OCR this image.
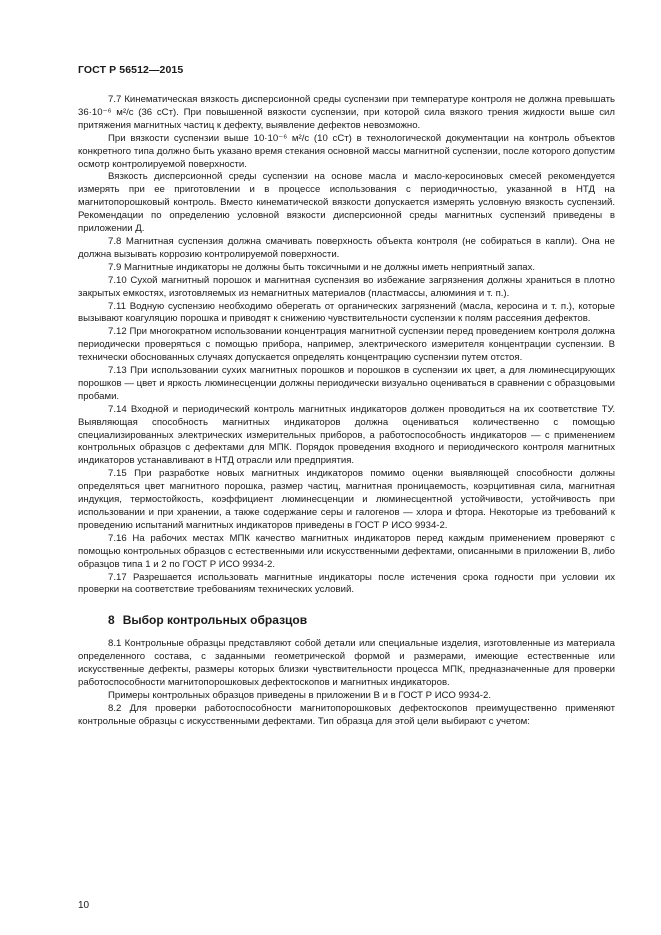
ГОСТ Р 56512—2015

7.7 Кинематическая вязкость дисперсионной среды суспензии при температуре контроля не должна превышать 36·10⁻⁶ м²/с (36 сСт). При повышенной вязкости суспензии, при которой сила вязкого трения жидкости выше сил притяжения магнитных частиц к дефекту, выявление дефектов невозможно.

При вязкости суспензии выше 10·10⁻⁶ м²/с (10 сСт) в технологической документации на контроль объектов конкретного типа должно быть указано время стекания основной массы магнитной суспензии, после которого допустим осмотр контролируемой поверхности.

Вязкость дисперсионной среды суспензии на основе масла и масло-керосиновых смесей рекомендуется измерять при ее приготовлении и в процессе использования с периодичностью, указанной в НТД на магнитопорошковый контроль. Вместо кинематической вязкости допускается измерять условную вязкость суспензий. Рекомендации по определению условной вязкости дисперсионной среды магнитных суспензий приведены в приложении Д.

7.8 Магнитная суспензия должна смачивать поверхность объекта контроля (не собираться в капли). Она не должна вызывать коррозию контролируемой поверхности.

7.9 Магнитные индикаторы не должны быть токсичными и не должны иметь неприятный запах.

7.10 Сухой магнитный порошок и магнитная суспензия во избежание загрязнения должны храниться в плотно закрытых емкостях, изготовляемых из немагнитных материалов (пластмассы, алюминия и т. п.).

7.11 Водную суспензию необходимо оберегать от органических загрязнений (масла, керосина и т. п.), которые вызывают коагуляцию порошка и приводят к снижению чувствительности суспензии к полям рассеяния дефектов.

7.12 При многократном использовании концентрация магнитной суспензии перед проведением контроля должна периодически проверяться с помощью прибора, например, электрического измерителя концентрации суспензии. В технически обоснованных случаях допускается определять концентрацию суспензии путем отстоя.

7.13 При использовании сухих магнитных порошков и порошков в суспензии их цвет, а для люминесцирующих порошков — цвет и яркость люминесценции должны периодически визуально оцениваться в сравнении с образцовыми пробами.

7.14 Входной и периодический контроль магнитных индикаторов должен проводиться на их соответствие ТУ. Выявляющая способность магнитных индикаторов должна оцениваться количественно с помощью специализированных электрических измерительных приборов, а работоспособность индикаторов — с применением контрольных образцов с дефектами для МПК. Порядок проведения входного и периодического контроля магнитных индикаторов устанавливают в НТД отрасли или предприятия.

7.15 При разработке новых магнитных индикаторов помимо оценки выявляющей способности должны определяться цвет магнитного порошка, размер частиц, магнитная проницаемость, коэрцитивная сила, магнитная индукция, термостойкость, коэффициент люминесценции и люминесцентной устойчивости, устойчивость при использовании и при хранении, а также содержание серы и галогенов — хлора и фтора. Некоторые из требований к проведению испытаний магнитных индикаторов приведены в ГОСТ Р ИСО 9934-2.

7.16 На рабочих местах МПК качество магнитных индикаторов перед каждым применением проверяют с помощью контрольных образцов с естественными или искусственными дефектами, описанными в приложении В, либо образцов типа 1 и 2 по ГОСТ Р ИСО 9934-2.

7.17 Разрешается использовать магнитные индикаторы после истечения срока годности при условии их проверки на соответствие требованиям технических условий.

8 Выбор контрольных образцов

8.1 Контрольные образцы представляют собой детали или специальные изделия, изготовленные из материала определенного состава, с заданными геометрической формой и размерами, имеющие естественные или искусственные дефекты, размеры которых близки чувствительности процесса МПК, предназначенные для проверки работоспособности магнитопорошковых дефектоскопов и магнитных индикаторов.

Примеры контрольных образцов приведены в приложении В и в ГОСТ Р ИСО 9934-2.

8.2 Для проверки работоспособности магнитопорошковых дефектоскопов преимущественно применяют контрольные образцы с искусственными дефектами. Тип образца для этой цели выбирают с учетом:

10
